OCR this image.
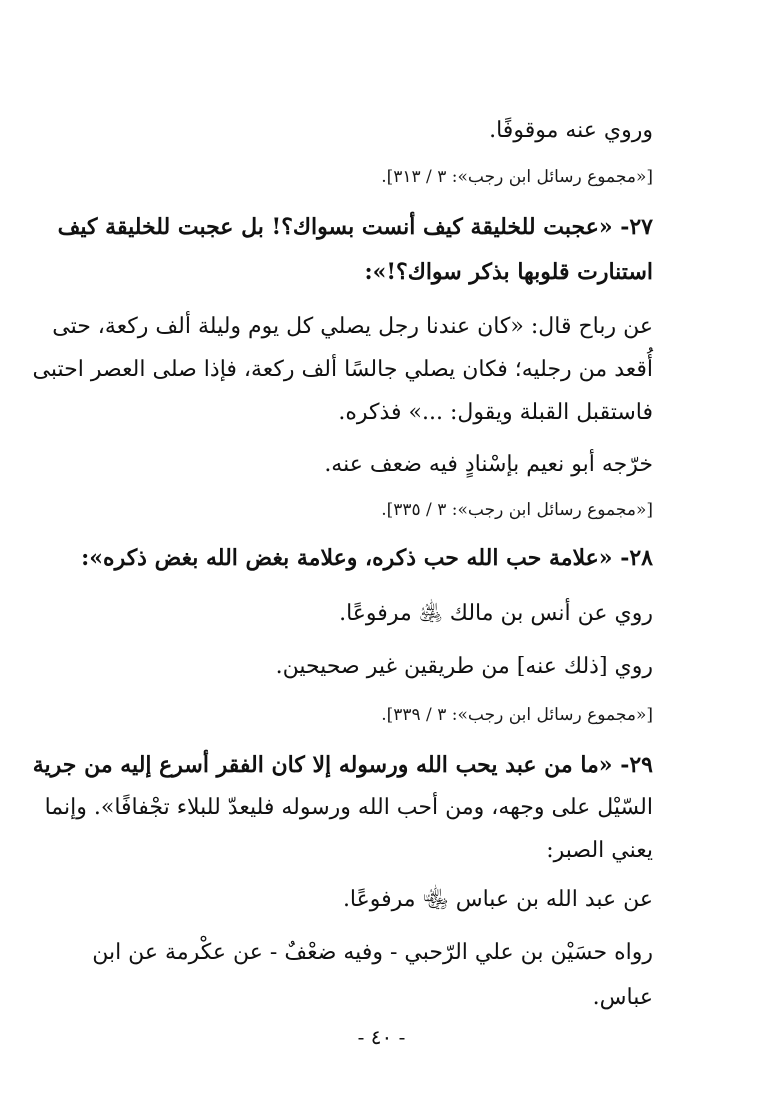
وروي عنه موقوفًا.
[«مجموع رسائل ابن رجب»: ٣ / ٣١٣].
٢٧- «عجبت للخليقة كيف أنست بسواك؟! بل عجبت للخليقة كيف
استنارت قلوبها بذكر سواك؟!»:
عن رباح قال: «كان عندنا رجل يصلي كل يوم وليلة ألف ركعة، حتى
أُقعد من رجليه؛ فكان يصلي جالسًا ألف ركعة، فإذا صلى العصر احتبى
فاستقبل القبلة ويقول: ...» فذكره.
خرّجه أبو نعيم بإسْنادٍ فيه ضعف عنه.
[«مجموع رسائل ابن رجب»: ٣ / ٣٣٥].
٢٨- «علامة حب الله حب ذكره، وعلامة بغض الله بغض ذكره»:
روي عن أنس بن مالك ﵁ مرفوعًا.
روي [ذلك عنه] من طريقين غير صحيحين.
[«مجموع رسائل ابن رجب»: ٣ / ٣٣٩].
٢٩- «ما من عبد يحب الله ورسوله إلا كان الفقر أسرع إليه من جرية
السّيْل على وجهه، ومن أحب الله ورسوله فليعدّ للبلاء تجْفافًا». وإنما
يعني الصبر:
عن عبد الله بن عباس ﵄ مرفوعًا.
رواه حسَيْن بن علي الرّحبي - وفيه ضعْفٌ - عن عكْرمة عن ابن
عباس.
- ٤٠ -
